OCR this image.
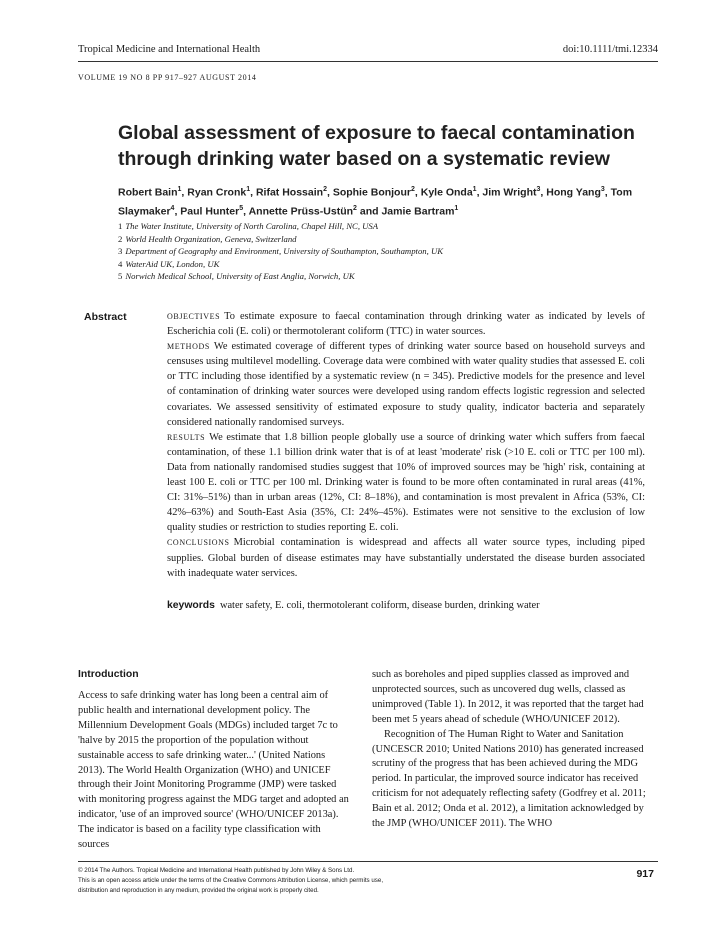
Tropical Medicine and International Health	doi:10.1111/tmi.12334
VOLUME 19 NO 8 PP 917–927 AUGUST 2014
Global assessment of exposure to faecal contamination through drinking water based on a systematic review
Robert Bain$^1$, Ryan Cronk$^1$, Rifat Hossain$^2$, Sophie Bonjour$^2$, Kyle Onda$^1$, Jim Wright$^3$, Hong Yang$^3$, Tom Slaymaker$^4$, Paul Hunter$^5$, Annette Prüss-Ustün$^2$ and Jamie Bartram$^1$
1 The Water Institute, University of North Carolina, Chapel Hill, NC, USA
2 World Health Organization, Geneva, Switzerland
3 Department of Geography and Environment, University of Southampton, Southampton, UK
4 WaterAid UK, London, UK
5 Norwich Medical School, University of East Anglia, Norwich, UK
Abstract	OBJECTIVES To estimate exposure to faecal contamination through drinking water as indicated by levels of Escherichia coli (E. coli) or thermotolerant coliform (TTC) in water sources.

METHODS We estimated coverage of different types of drinking water source based on household surveys and censuses using multilevel modelling. Coverage data were combined with water quality studies that assessed E. coli or TTC including those identified by a systematic review (n = 345). Predictive models for the presence and level of contamination of drinking water sources were developed using random effects logistic regression and selected covariates. We assessed sensitivity of estimated exposure to study quality, indicator bacteria and separately considered nationally randomised surveys.

RESULTS We estimate that 1.8 billion people globally use a source of drinking water which suffers from faecal contamination, of these 1.1 billion drink water that is of at least 'moderate' risk (>10 E. coli or TTC per 100 ml). Data from nationally randomised studies suggest that 10% of improved sources may be 'high' risk, containing at least 100 E. coli or TTC per 100 ml. Drinking water is found to be more often contaminated in rural areas (41%, CI: 31%–51%) than in urban areas (12%, CI: 8–18%), and contamination is most prevalent in Africa (53%, CI: 42%–63%) and South-East Asia (35%, CI: 24%–45%). Estimates were not sensitive to the exclusion of low quality studies or restriction to studies reporting E. coli.

CONCLUSIONS Microbial contamination is widespread and affects all water source types, including piped supplies. Global burden of disease estimates may have substantially understated the disease burden associated with inadequate water services.

keywords water safety, E. coli, thermotolerant coliform, disease burden, drinking water
Introduction

Access to safe drinking water has long been a central aim of public health and international development policy. The Millennium Development Goals (MDGs) included target 7c to 'halve by 2015 the proportion of the population without sustainable access to safe drinking water...' (United Nations 2013). The World Health Organization (WHO) and UNICEF through their Joint Monitoring Programme (JMP) were tasked with monitoring progress against the MDG target and adopted an indicator, 'use of an improved source' (WHO/UNICEF 2013a). The indicator is based on a facility type classification with sources

such as boreholes and piped supplies classed as improved and unprotected sources, such as uncovered dug wells, classed as unimproved (Table 1). In 2012, it was reported that the target had been met 5 years ahead of schedule (WHO/UNICEF 2012).

Recognition of The Human Right to Water and Sanitation (UNCESCR 2010; United Nations 2010) has generated increased scrutiny of the progress that has been achieved during the MDG period. In particular, the improved source indicator has received criticism for not adequately reflecting safety (Godfrey et al. 2011; Bain et al. 2012; Onda et al. 2012), a limitation acknowledged by the JMP (WHO/UNICEF 2011). The WHO

© 2014 The Authors. Tropical Medicine and International Health published by John Wiley & Sons Ltd.

This is an open access article under the terms of the Creative Commons Attribution License, which permits use,

distribution and reproduction in any medium, provided the original work is properly cited.

917
